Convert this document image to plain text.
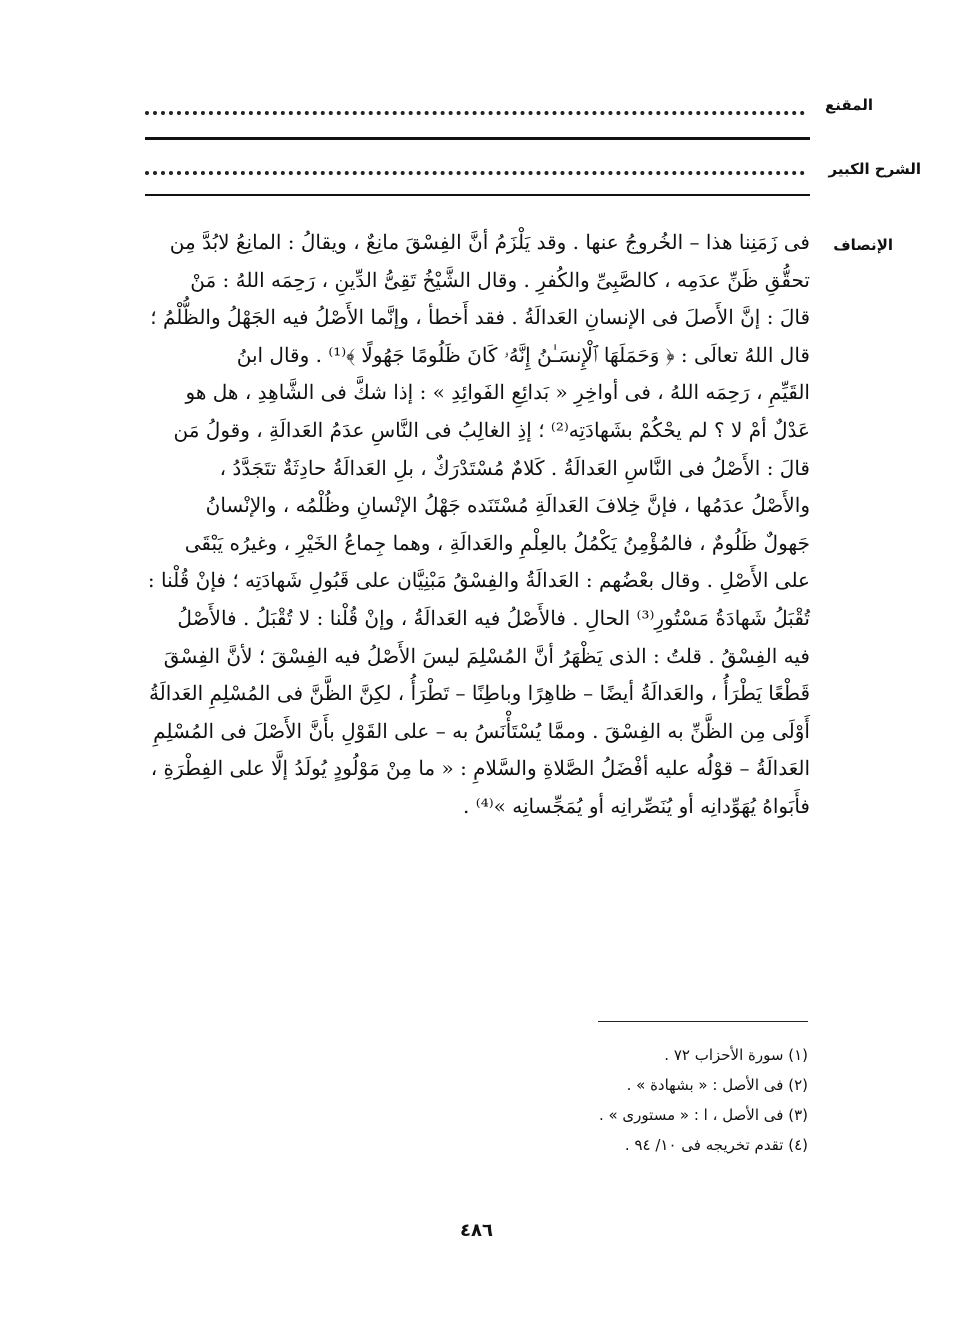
المقنع
الشرح الكبير
الإنصاف

فى زَمَنِنا هذا – الخُروجُ عنها . وقد يَلْزَمُ أنَّ الفِسْقَ مانِعٌ ، ويقالُ : المانِعُ لابُدَّ مِن

تحقُّقِ ظَنِّ عدَمِه ، كالصَّبِىِّ والكُفرِ . وقال الشَّيْخُ تَقِىُّ الدِّينِ ، رَحِمَه اللهُ : مَنْ

قالَ : إنَّ الأَصلَ فى الإنسانِ العَدالَةُ . فقد أَخطأ ، وإنَّما الأَصْلُ فيه الجَهْلُ والظُّلْمُ ؛

قال اللهُ تعالَى : ﴿ وَحَمَلَهَا ٱلْإِنسَـٰنُ إِنَّهُۥ كَانَ ظَلُومًا جَهُولًا ﴾⁽¹⁾ . وقال ابنُ

القَيِّمِ ، رَحِمَه اللهُ ، فى أواخِرِ « بَدائِعِ الفَوائِدِ » : إذا شكَّ فى الشَّاهِدِ ، هل هو

عَدْلٌ أمْ لا ؟ لم يحْكُمْ بشَهادَتِه⁽²⁾ ؛ إذِ الغالِبُ فى النَّاسِ عدَمُ العَدالَةِ ، وقولُ مَن

قالَ : الأَصْلُ فى النَّاسِ العَدالَةُ . كَلامٌ مُسْتَدْرَكٌ ، بلِ العَدالَةُ حادِثَةٌ تتَجَدَّدُ ،

والأَصْلُ عدَمُها ، فإنَّ خِلافَ العَدالَةِ مُسْتَنَده جَهْلُ الإنْسانِ وظُلْمُه ، والإنْسانُ

جَهولٌ ظَلُومٌ ، فالمُؤْمِنُ يَكْمُلُ بالعِلْمِ والعَدالَةِ ، وهما جِماعُ الخَيْرِ ، وغيرُه يَبْقَى

على الأَصْلِ . وقال بعْضُهم : العَدالَةُ والفِسْقُ مَبْنِيَّان على قَبُولِ شَهادَتِه ؛ فإنْ قُلْنا :

تُقْبَلُ شَهادَةُ مَسْتُورِ⁽³⁾ الحالِ . فالأَصْلُ فيه العَدالَةُ ، وإنْ قُلْنا : لا تُقْبَلُ . فالأَصْلُ

فيه الفِسْقُ . قلتُ : الذى يَظْهَرُ أنَّ المُسْلِمَ ليسَ الأَصْلُ فيه الفِسْقَ ؛ لأنَّ الفِسْقَ

قَطْعًا يَطْرَأُ ، والعَدالَةُ أيضًا – ظاهِرًا وباطِنًا – تَطْرَأُ ، لكِنَّ الظَّنَّ فى المُسْلِمِ العَدالَةُ

أَوْلَى مِن الظَّنِّ به الفِسْقَ . وممَّا يُسْتَأْنَسُ به – على القَوْلِ بأَنَّ الأَصْلَ فى المُسْلِمِ

العَدالَةُ – قوْلُه عليه أفْضَلُ الصَّلاةِ والسَّلامِ : « ما مِنْ مَوْلُودٍ يُولَدُ إلَّا على الفِطْرَةِ ،

فأَبَواهُ يُهَوِّدانِه أو يُنَصِّرانِه أو يُمَجِّسانِه »⁽⁴⁾ .

(١) سورة الأحزاب ٧٢ .
(٢) فى الأصل : « بشهادة » .
(٣) فى الأصل ، ا : « مستورى » .
(٤) تقدم تخريجه فى ١٠/ ٩٤ .
٤٨٦
